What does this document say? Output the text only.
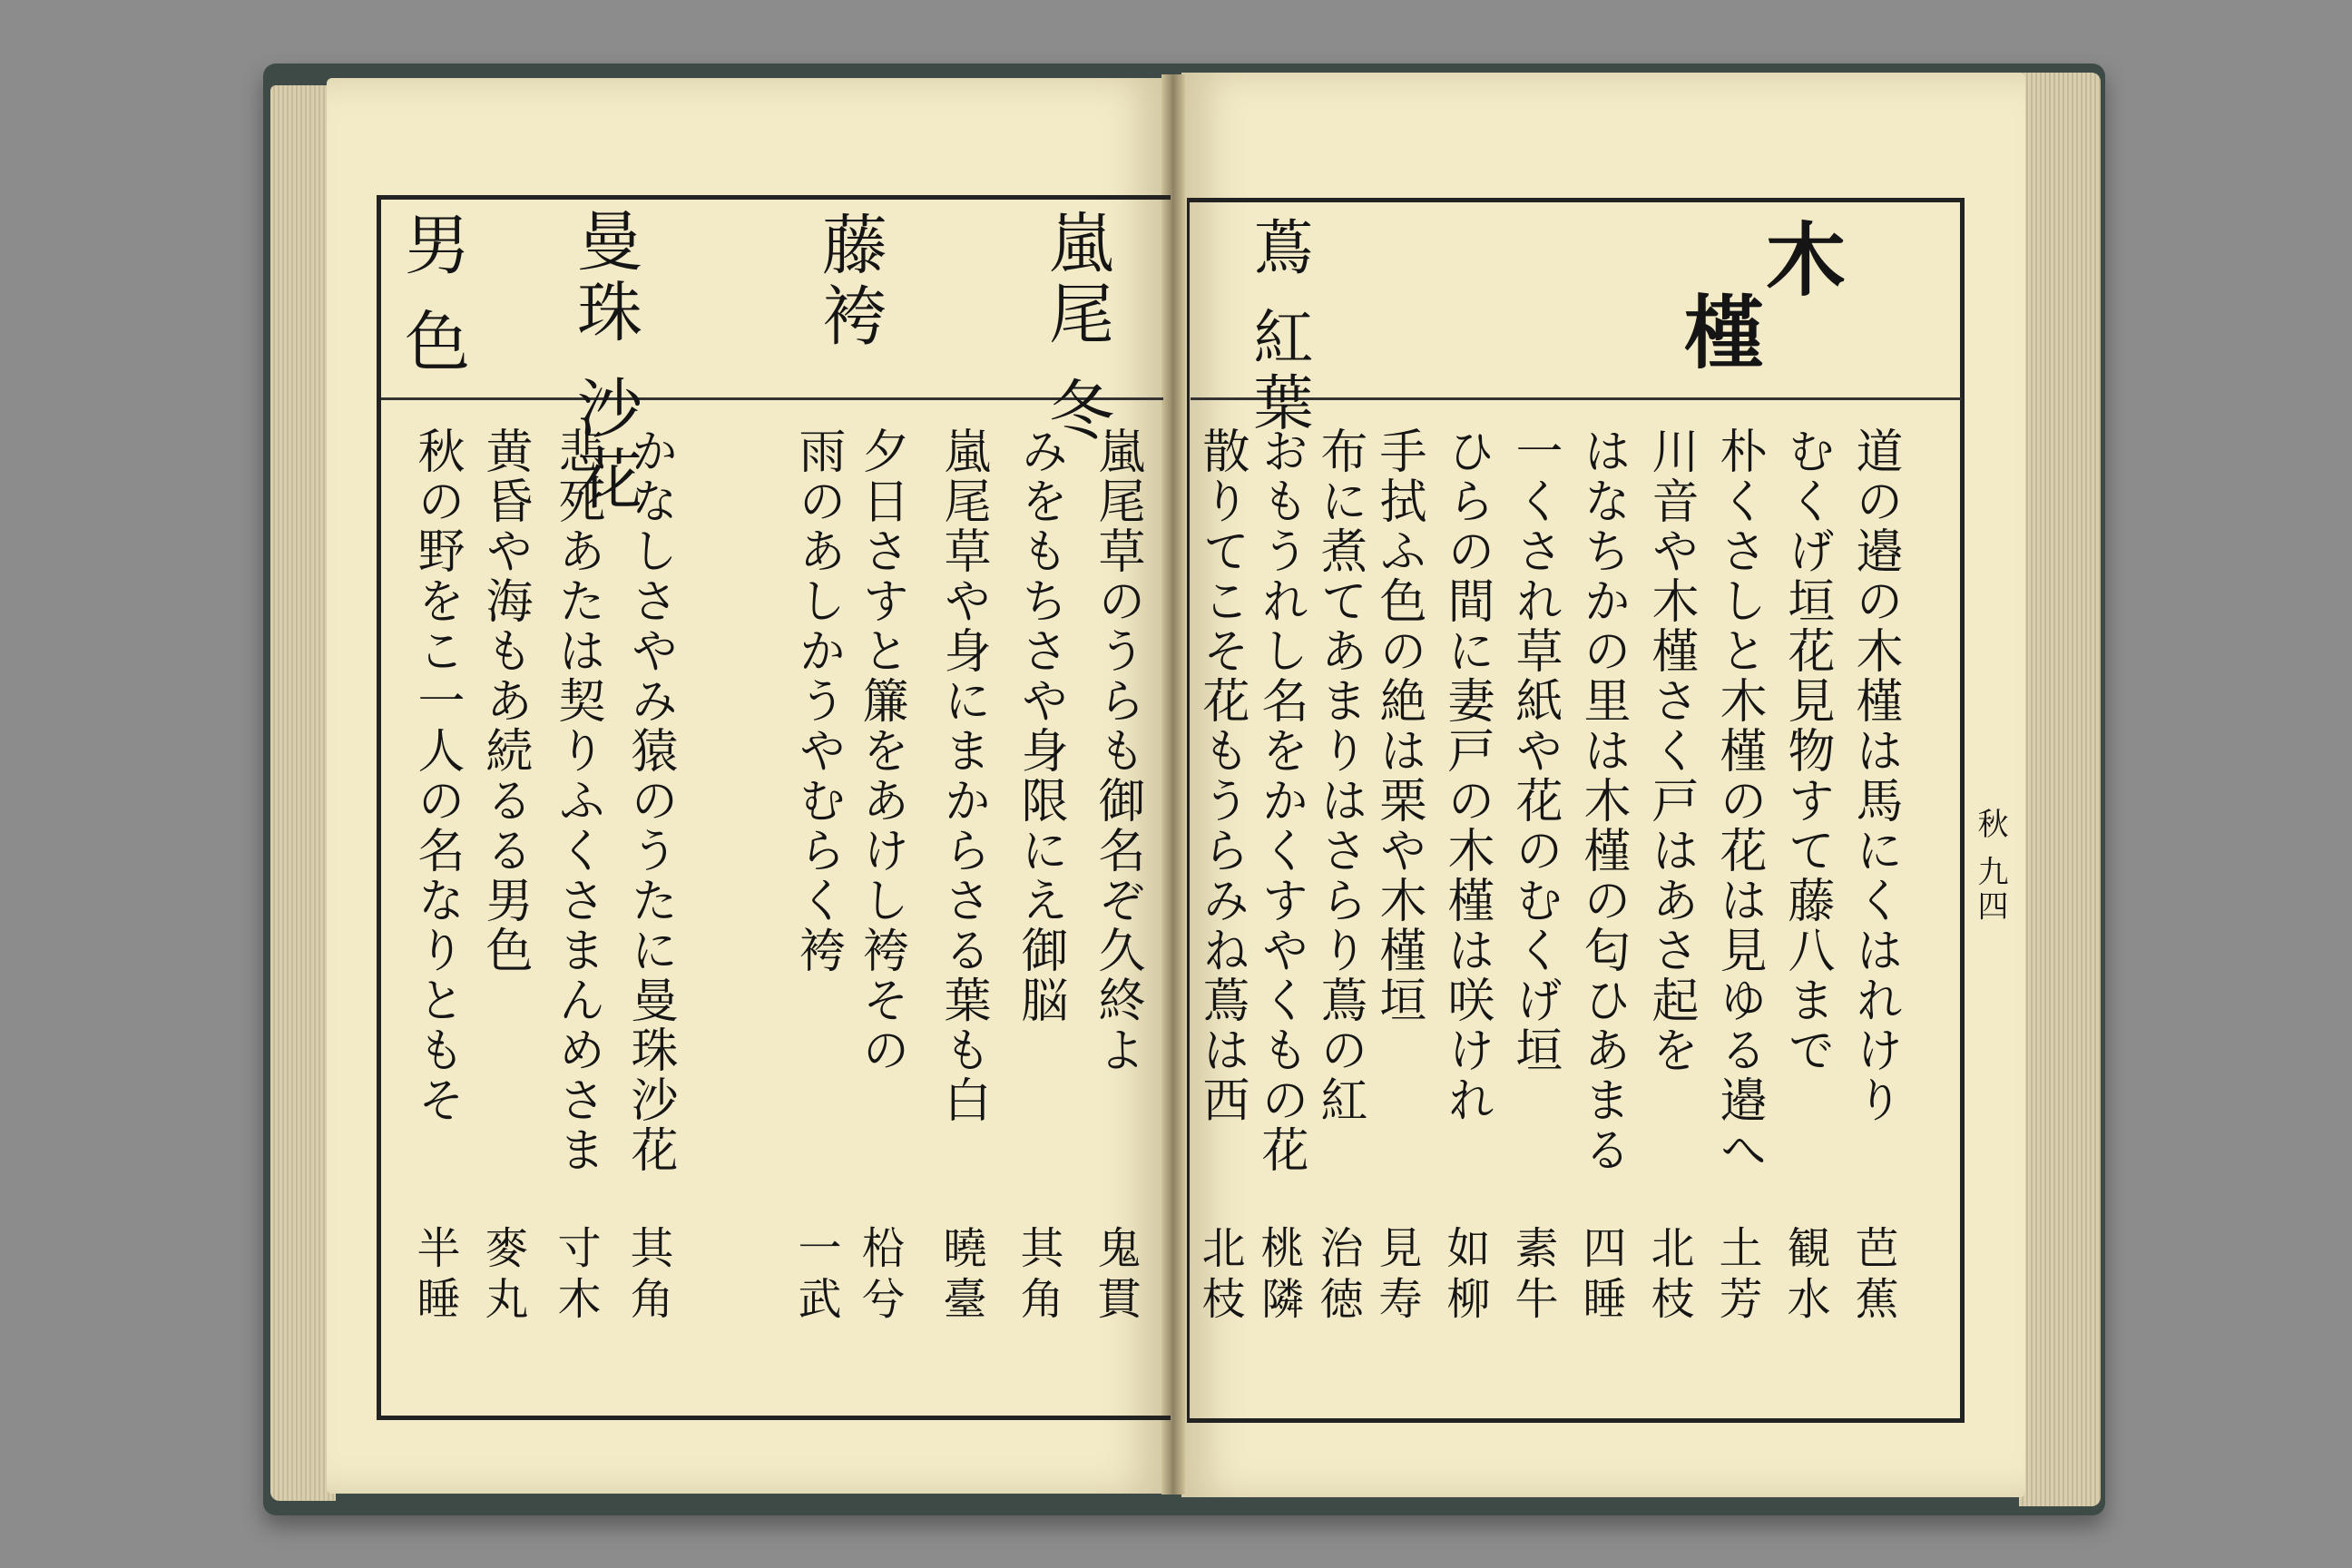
木
槿
蔦 紅葉
秋 九四
道の邉の木槿は馬にくはれけり
むくげ垣花見物すて藤八まで
朴くさしと木槿の花は見ゆる邉へ
川音や木槿さく戸はあさ起を
はなちかの里は木槿の匂ひあまる
一くされ草紙や花のむくげ垣
ひらの間に妻戸の木槿は咲けれ
手拭ふ色の絶は栗や木槿垣
布に煮てあまりはさらり蔦の紅
おもうれし名をかくすやくもの花
散りてこそ花もうらみね蔦は西
芭蕉
観水
土芳
北枝
四睡
素牛
如柳
見寿
治徳
桃隣
北枝
嵐尾 冬
藤袴
曼珠 沙花
男 色
嵐尾草のうらも御名ぞ久終よ
みをもちさや身限にえ御脳
嵐尾草や身にまからさる葉も白
夕日さすと簾をあけし袴その
雨のあしかうやむらく袴
かなしさやみ猿のうたに曼珠沙花
悲死あたは契りふくさまんめさま
黄昏や海もあ続るる男色
秋の野をこ一人の名なりともそ
鬼貫
其角
曉臺
柗兮
一武
其角
寸木
麥丸
半睡
